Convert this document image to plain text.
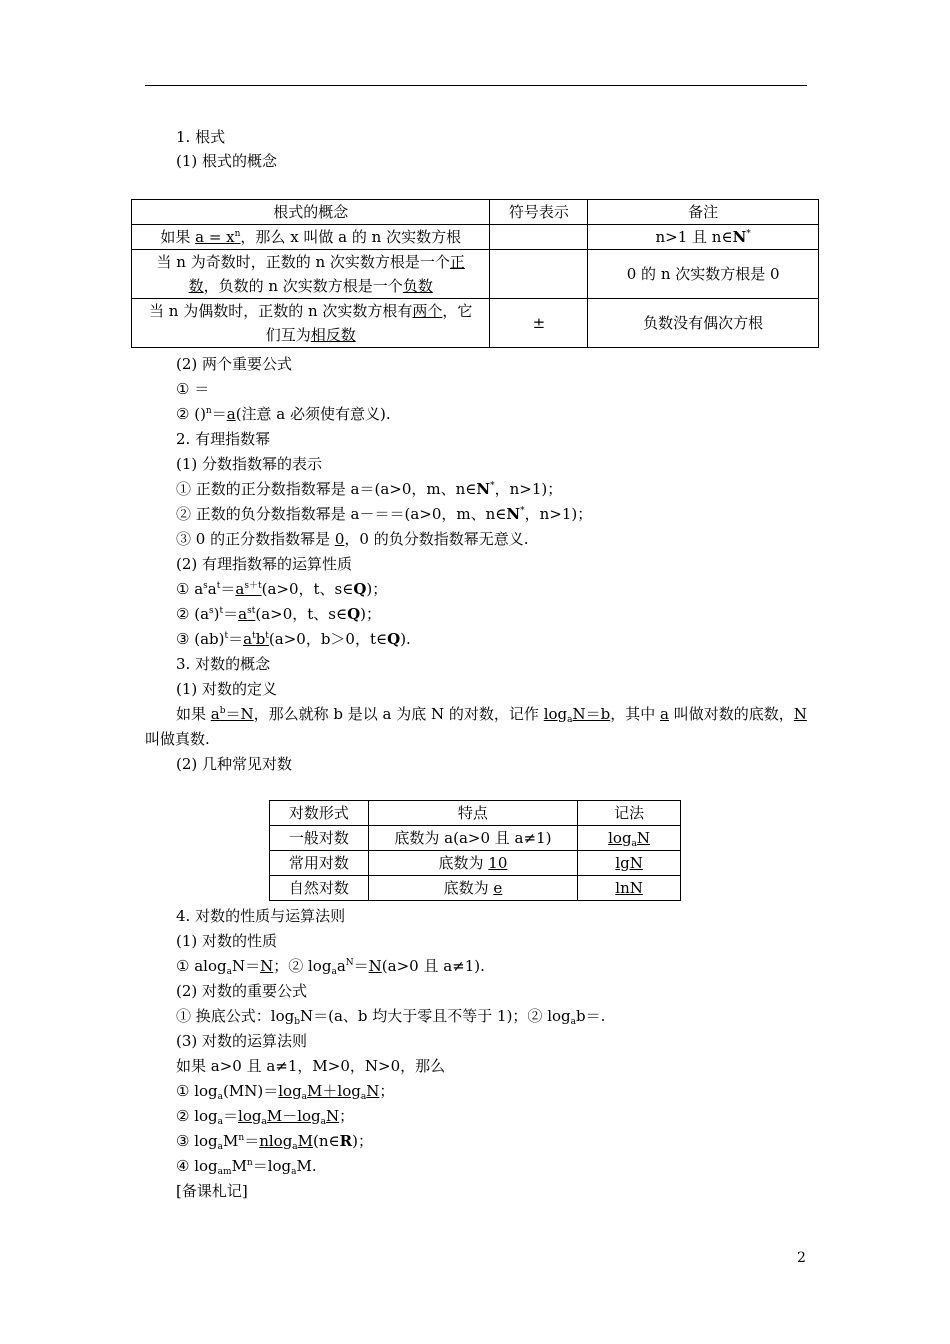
1. 根式
(1) 根式的概念
根式的概念	符号表示	备注
如果 $a = x^n$，那么 x 叫做 a 的 n 次实数方根		n>1 且 n∈N*
当 n 为奇数时，正数的 n 次实数方根是一个正
数，负数的 n 次实数方根是一个负数		0 的 n 次实数方根是 0
当 n 为偶数时，正数的 n 次实数方根有两个，它
们互为相反数	±	负数没有偶次方根
(2) 两个重要公式
① ＝
② ()$^n$＝a(注意 a 必须使有意义).
2. 有理指数幂
(1) 分数指数幂的表示
① 正数的正分数指数幂是 a＝(a>0，m、n∈N*，n>1)；
② 正数的负分数指数幂是 a－＝＝(a>0，m、n∈N*，n>1)；
③ 0 的正分数指数幂是 0，0 的负分数指数幂无意义.
(2) 有理指数幂的运算性质
① $a^sa^t=a^{s+t}(a>0$，t、s∈Q)；
② $(a^s)^t=a^{st}(a>0$，t、s∈Q)；
③ $(ab)^t=a^tb^t(a>0$，b＞0，t∈Q).
3. 对数的概念
(1) 对数的定义
如果 $a^b=N$，那么就称 b 是以 a 为底 N 的对数，记作 $\log_aN=b$，其中 a 叫做对数的底数，N
叫做真数.
(2) 几种常见对数
对数形式	特点	记法
一般对数	底数为 a(a>0 且 a≠1)	$\log_aN$
常用对数	底数为 10	lgN
自然对数	底数为 e	lnN
4. 对数的性质与运算法则
(1) 对数的性质
① alog$_a$N＝N；② $\log_aa^N=N(a>0$ 且 a≠1).
(2) 对数的重要公式
① 换底公式：$\log_bN=(a$、b 均大于零且不等于 1)；② $\log_ab=$.
(3) 对数的运算法则
如果 a>0 且 a≠1，M>0，N>0，那么
① $\log_a(MN)=\log_aM+\log_aN$；
② $\log_a=\log_aM-\log_aN$；
③ $\log_aM^n=nlog_aM(n\in R)$；
④ $\log_{am}M^n=\log_aM$.
[备课札记]
2
